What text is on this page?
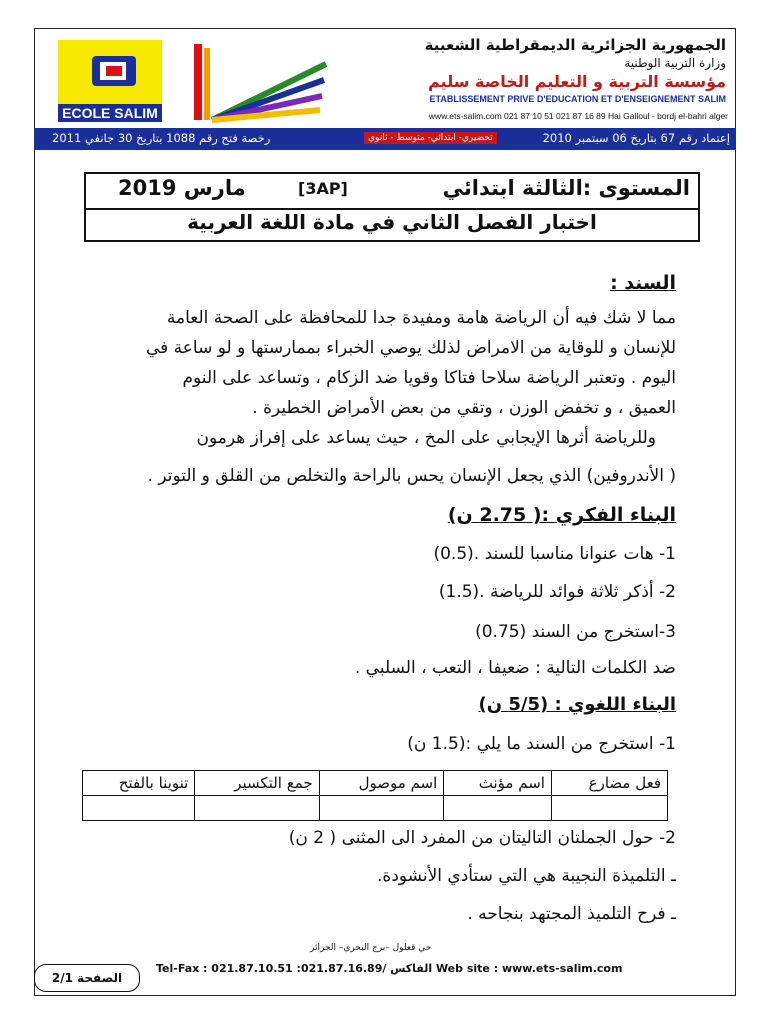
ECOLE SALIM
الجمهورية الجزائرية الديمقراطية الشعبية
وزارة التربية الوطنية
مؤسسة التربية و التعليم الخاصة سليم
ETABLISSEMENT PRIVE D'EDUCATION ET D'ENSEIGNEMENT SALIM
www.ets-salim.com 021 87 10 51 021 87 16 89 Hai Galloul - bordj el-bahri alger
إعتماد رقم 67 بتاريخ 06 سبتمبر 2010
تحضيري- ابتدائي- متوسط - ثانوي
رخصة فتح رقم 1088 بتاريخ 30 جانفي 2011
المستوى :الثالثة ابتدائي
[3AP]
مارس 2019
اختبار الفصل الثاني في مادة اللغة العربية
السند :
مما لا شك فيه أن الرياضة هامة ومفيدة جدا للمحافظة على الصحة العامة
للإنسان و للوقاية من الامراض لذلك يوصي الخبراء بممارستها و لو ساعة في
اليوم . وتعتبر الرياضة سلاحا فتاكا وقويا ضد الزكام ، وتساعد على النوم
العميق ، و تخفض الوزن ، وتقي من بعض الأمراض الخطيرة .
وللرياضة أثرها الإيجابي على المخ ، حيث يساعد على إفراز هرمون
( الأندروفين) الذي يجعل الإنسان يحس بالراحة والتخلص من القلق و التوتر .
البناء الفكري :( 2.75 ن)
1- هات عنوانا مناسبا للسند .(0.5)
2- أذكر ثلاثة فوائد للرياضة .(1.5)
3-استخرج من السند (0.75)
ضد الكلمات التالية : ضعيفا ، التعب ، السلبي .
البناء اللغوي : (5/5 ن)
1- استخرج من السند ما يلي :(1.5 ن)
فعل مضارع	اسم مؤنث	اسم موصول	جمع التكسير	تنوينا بالفتح

2- حول الجملتان التاليتان من المفرد الى المثنى ( 2 ن)
ـ التلميذة النجيبة هي التي ستأدي الأنشودة.
ـ فرح التلميذ المجتهد بنجاحه .
حي قعلول –برج البحري– الجزائر
Tel-Fax : 021.87.10.51 :الفاكس /021.87.16.89 Web site : www.ets-salim.com
الصفحة 2/1
